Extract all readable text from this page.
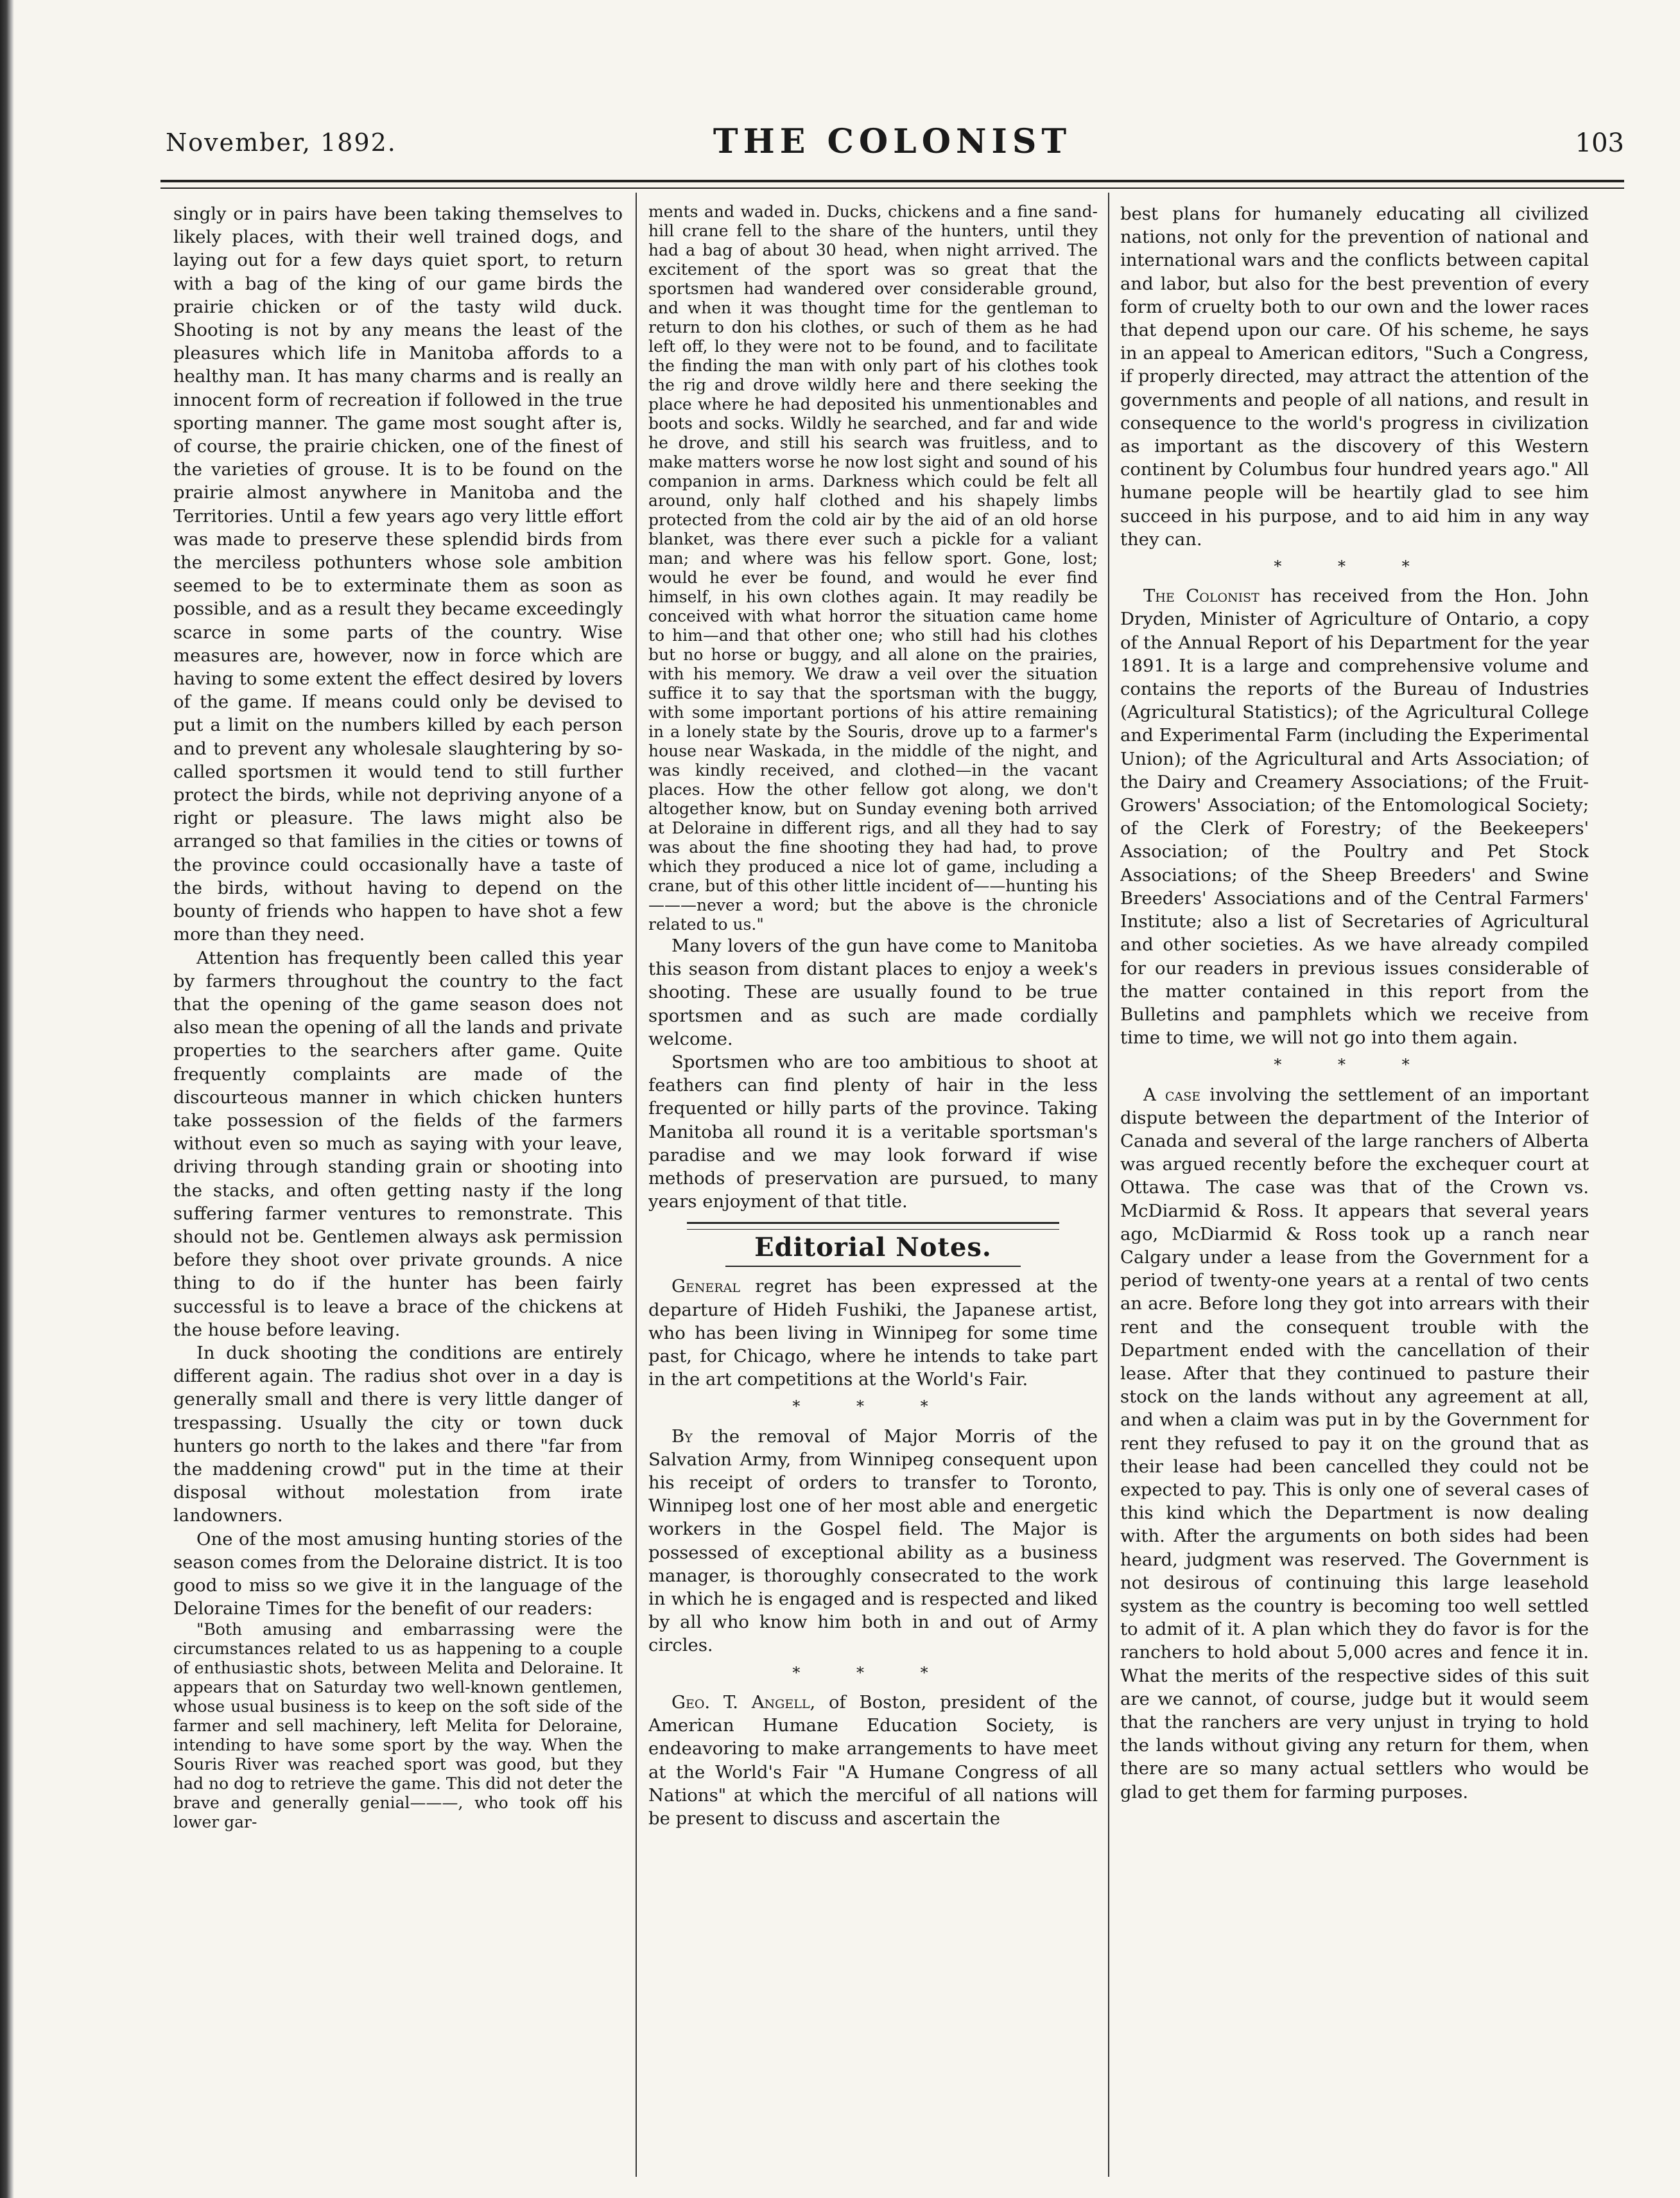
November, 1892.	THE COLONIST	103

singly or in pairs have been taking themselves to likely places, with their well trained dogs, and laying out for a few days quiet sport, to return with a bag of the king of our game birds the prairie chicken or of the tasty wild duck. Shooting is not by any means the least of the pleasures which life in Manitoba affords to a healthy man. It has many charms and is really an innocent form of recreation if followed in the true sporting manner. The game most sought after is, of course, the prairie chicken, one of the finest of the varieties of grouse. It is to be found on the prairie almost anywhere in Manitoba and the Territories. Until a few years ago very little effort was made to preserve these splendid birds from the merciless pothunters whose sole ambition seemed to be to exterminate them as soon as possible, and as a result they became exceedingly scarce in some parts of the country. Wise measures are, however, now in force which are having to some extent the effect desired by lovers of the game. If means could only be devised to put a limit on the numbers killed by each person and to prevent any wholesale slaughtering by so-called sportsmen it would tend to still further protect the birds, while not depriving anyone of a right or pleasure. The laws might also be arranged so that families in the cities or towns of the province could occasionally have a taste of the birds, without having to depend on the bounty of friends who happen to have shot a few more than they need.

Attention has frequently been called this year by farmers throughout the country to the fact that the opening of the game season does not also mean the opening of all the lands and private properties to the searchers after game. Quite frequently complaints are made of the discourteous manner in which chicken hunters take possession of the fields of the farmers without even so much as saying with your leave, driving through standing grain or shooting into the stacks, and often getting nasty if the long suffering farmer ventures to remonstrate. This should not be. Gentlemen always ask permission before they shoot over private grounds. A nice thing to do if the hunter has been fairly successful is to leave a brace of the chickens at the house before leaving.

In duck shooting the conditions are entirely different again. The radius shot over in a day is generally small and there is very little danger of trespassing. Usually the city or town duck hunters go north to the lakes and there "far from the maddening crowd" put in the time at their disposal without molestation from irate landowners.

One of the most amusing hunting stories of the season comes from the Deloraine district. It is too good to miss so we give it in the language of the Deloraine Times for the benefit of our readers:

"Both amusing and embarrassing were the circumstances related to us as happening to a couple of enthusiastic shots, between Melita and Deloraine. It appears that on Saturday two well-known gentlemen, whose usual business is to keep on the soft side of the farmer and sell machinery, left Melita for Deloraine, intending to have some sport by the way. When the Souris River was reached sport was good, but they had no dog to retrieve the game. This did not deter the brave and generally genial———, who took off his lower gar-

ments and waded in. Ducks, chickens and a fine sand-hill crane fell to the share of the hunters, until they had a bag of about 30 head, when night arrived. The excitement of the sport was so great that the sportsmen had wandered over considerable ground, and when it was thought time for the gentleman to return to don his clothes, or such of them as he had left off, lo they were not to be found, and to facilitate the finding the man with only part of his clothes took the rig and drove wildly here and there seeking the place where he had deposited his unmentionables and boots and socks. Wildly he searched, and far and wide he drove, and still his search was fruitless, and to make matters worse he now lost sight and sound of his companion in arms. Darkness which could be felt all around, only half clothed and his shapely limbs protected from the cold air by the aid of an old horse blanket, was there ever such a pickle for a valiant man; and where was his fellow sport. Gone, lost; would he ever be found, and would he ever find himself, in his own clothes again. It may readily be conceived with what horror the situation came home to him—and that other one; who still had his clothes but no horse or buggy, and all alone on the prairies, with his memory. We draw a veil over the situation suffice it to say that the sportsman with the buggy, with some important portions of his attire remaining in a lonely state by the Souris, drove up to a farmer's house near Waskada, in the middle of the night, and was kindly received, and clothed—in the vacant places. How the other fellow got along, we don't altogether know, but on Sunday evening both arrived at Deloraine in different rigs, and all they had to say was about the fine shooting they had had, to prove which they produced a nice lot of game, including a crane, but of this other little incident of——hunting his———never a word; but the above is the chronicle related to us."

Many lovers of the gun have come to Manitoba this season from distant places to enjoy a week's shooting. These are usually found to be true sportsmen and as such are made cordially welcome.

Sportsmen who are too ambitious to shoot at feathers can find plenty of hair in the less frequented or hilly parts of the province. Taking Manitoba all round it is a veritable sportsman's paradise and we may look forward if wise methods of preservation are pursued, to many years enjoyment of that title.

Editorial Notes.

General regret has been expressed at the departure of Hideh Fushiki, the Japanese artist, who has been living in Winnipeg for some time past, for Chicago, where he intends to take part in the art competitions at the World's Fair.

* * *

By the removal of Major Morris of the Salvation Army, from Winnipeg consequent upon his receipt of orders to transfer to Toronto, Winnipeg lost one of her most able and energetic workers in the Gospel field. The Major is possessed of exceptional ability as a business manager, is thoroughly consecrated to the work in which he is engaged and is respected and liked by all who know him both in and out of Army circles.

* * *

Geo. T. Angell, of Boston, president of the American Humane Education Society, is endeavoring to make arrangements to have meet at the World's Fair "A Humane Congress of all Nations" at which the merciful of all nations will be present to discuss and ascertain the

best plans for humanely educating all civilized nations, not only for the prevention of national and international wars and the conflicts between capital and labor, but also for the best prevention of every form of cruelty both to our own and the lower races that depend upon our care. Of his scheme, he says in an appeal to American editors, "Such a Congress, if properly directed, may attract the attention of the governments and people of all nations, and result in consequence to the world's progress in civilization as important as the discovery of this Western continent by Columbus four hundred years ago." All humane people will be heartily glad to see him succeed in his purpose, and to aid him in any way they can.

* * *

The Colonist has received from the Hon. John Dryden, Minister of Agriculture of Ontario, a copy of the Annual Report of his Department for the year 1891. It is a large and comprehensive volume and contains the reports of the Bureau of Industries (Agricultural Statistics); of the Agricultural College and Experimental Farm (including the Experimental Union); of the Agricultural and Arts Association; of the Dairy and Creamery Associations; of the Fruit-Growers' Association; of the Entomological Society; of the Clerk of Forestry; of the Beekeepers' Association; of the Poultry and Pet Stock Associations; of the Sheep Breeders' and Swine Breeders' Associations and of the Central Farmers' Institute; also a list of Secretaries of Agricultural and other societies. As we have already compiled for our readers in previous issues considerable of the matter contained in this report from the Bulletins and pamphlets which we receive from time to time, we will not go into them again.

* * *

A case involving the settlement of an important dispute between the department of the Interior of Canada and several of the large ranchers of Alberta was argued recently before the exchequer court at Ottawa. The case was that of the Crown vs. McDiarmid & Ross. It appears that several years ago, McDiarmid & Ross took up a ranch near Calgary under a lease from the Government for a period of twenty-one years at a rental of two cents an acre. Before long they got into arrears with their rent and the consequent trouble with the Department ended with the cancellation of their lease. After that they continued to pasture their stock on the lands without any agreement at all, and when a claim was put in by the Government for rent they refused to pay it on the ground that as their lease had been cancelled they could not be expected to pay. This is only one of several cases of this kind which the Department is now dealing with. After the arguments on both sides had been heard, judgment was reserved. The Government is not desirous of continuing this large leasehold system as the country is becoming too well settled to admit of it. A plan which they do favor is for the ranchers to hold about 5,000 acres and fence it in. What the merits of the respective sides of this suit are we cannot, of course, judge but it would seem that the ranchers are very unjust in trying to hold the lands without giving any return for them, when there are so many actual settlers who would be glad to get them for farming purposes.
